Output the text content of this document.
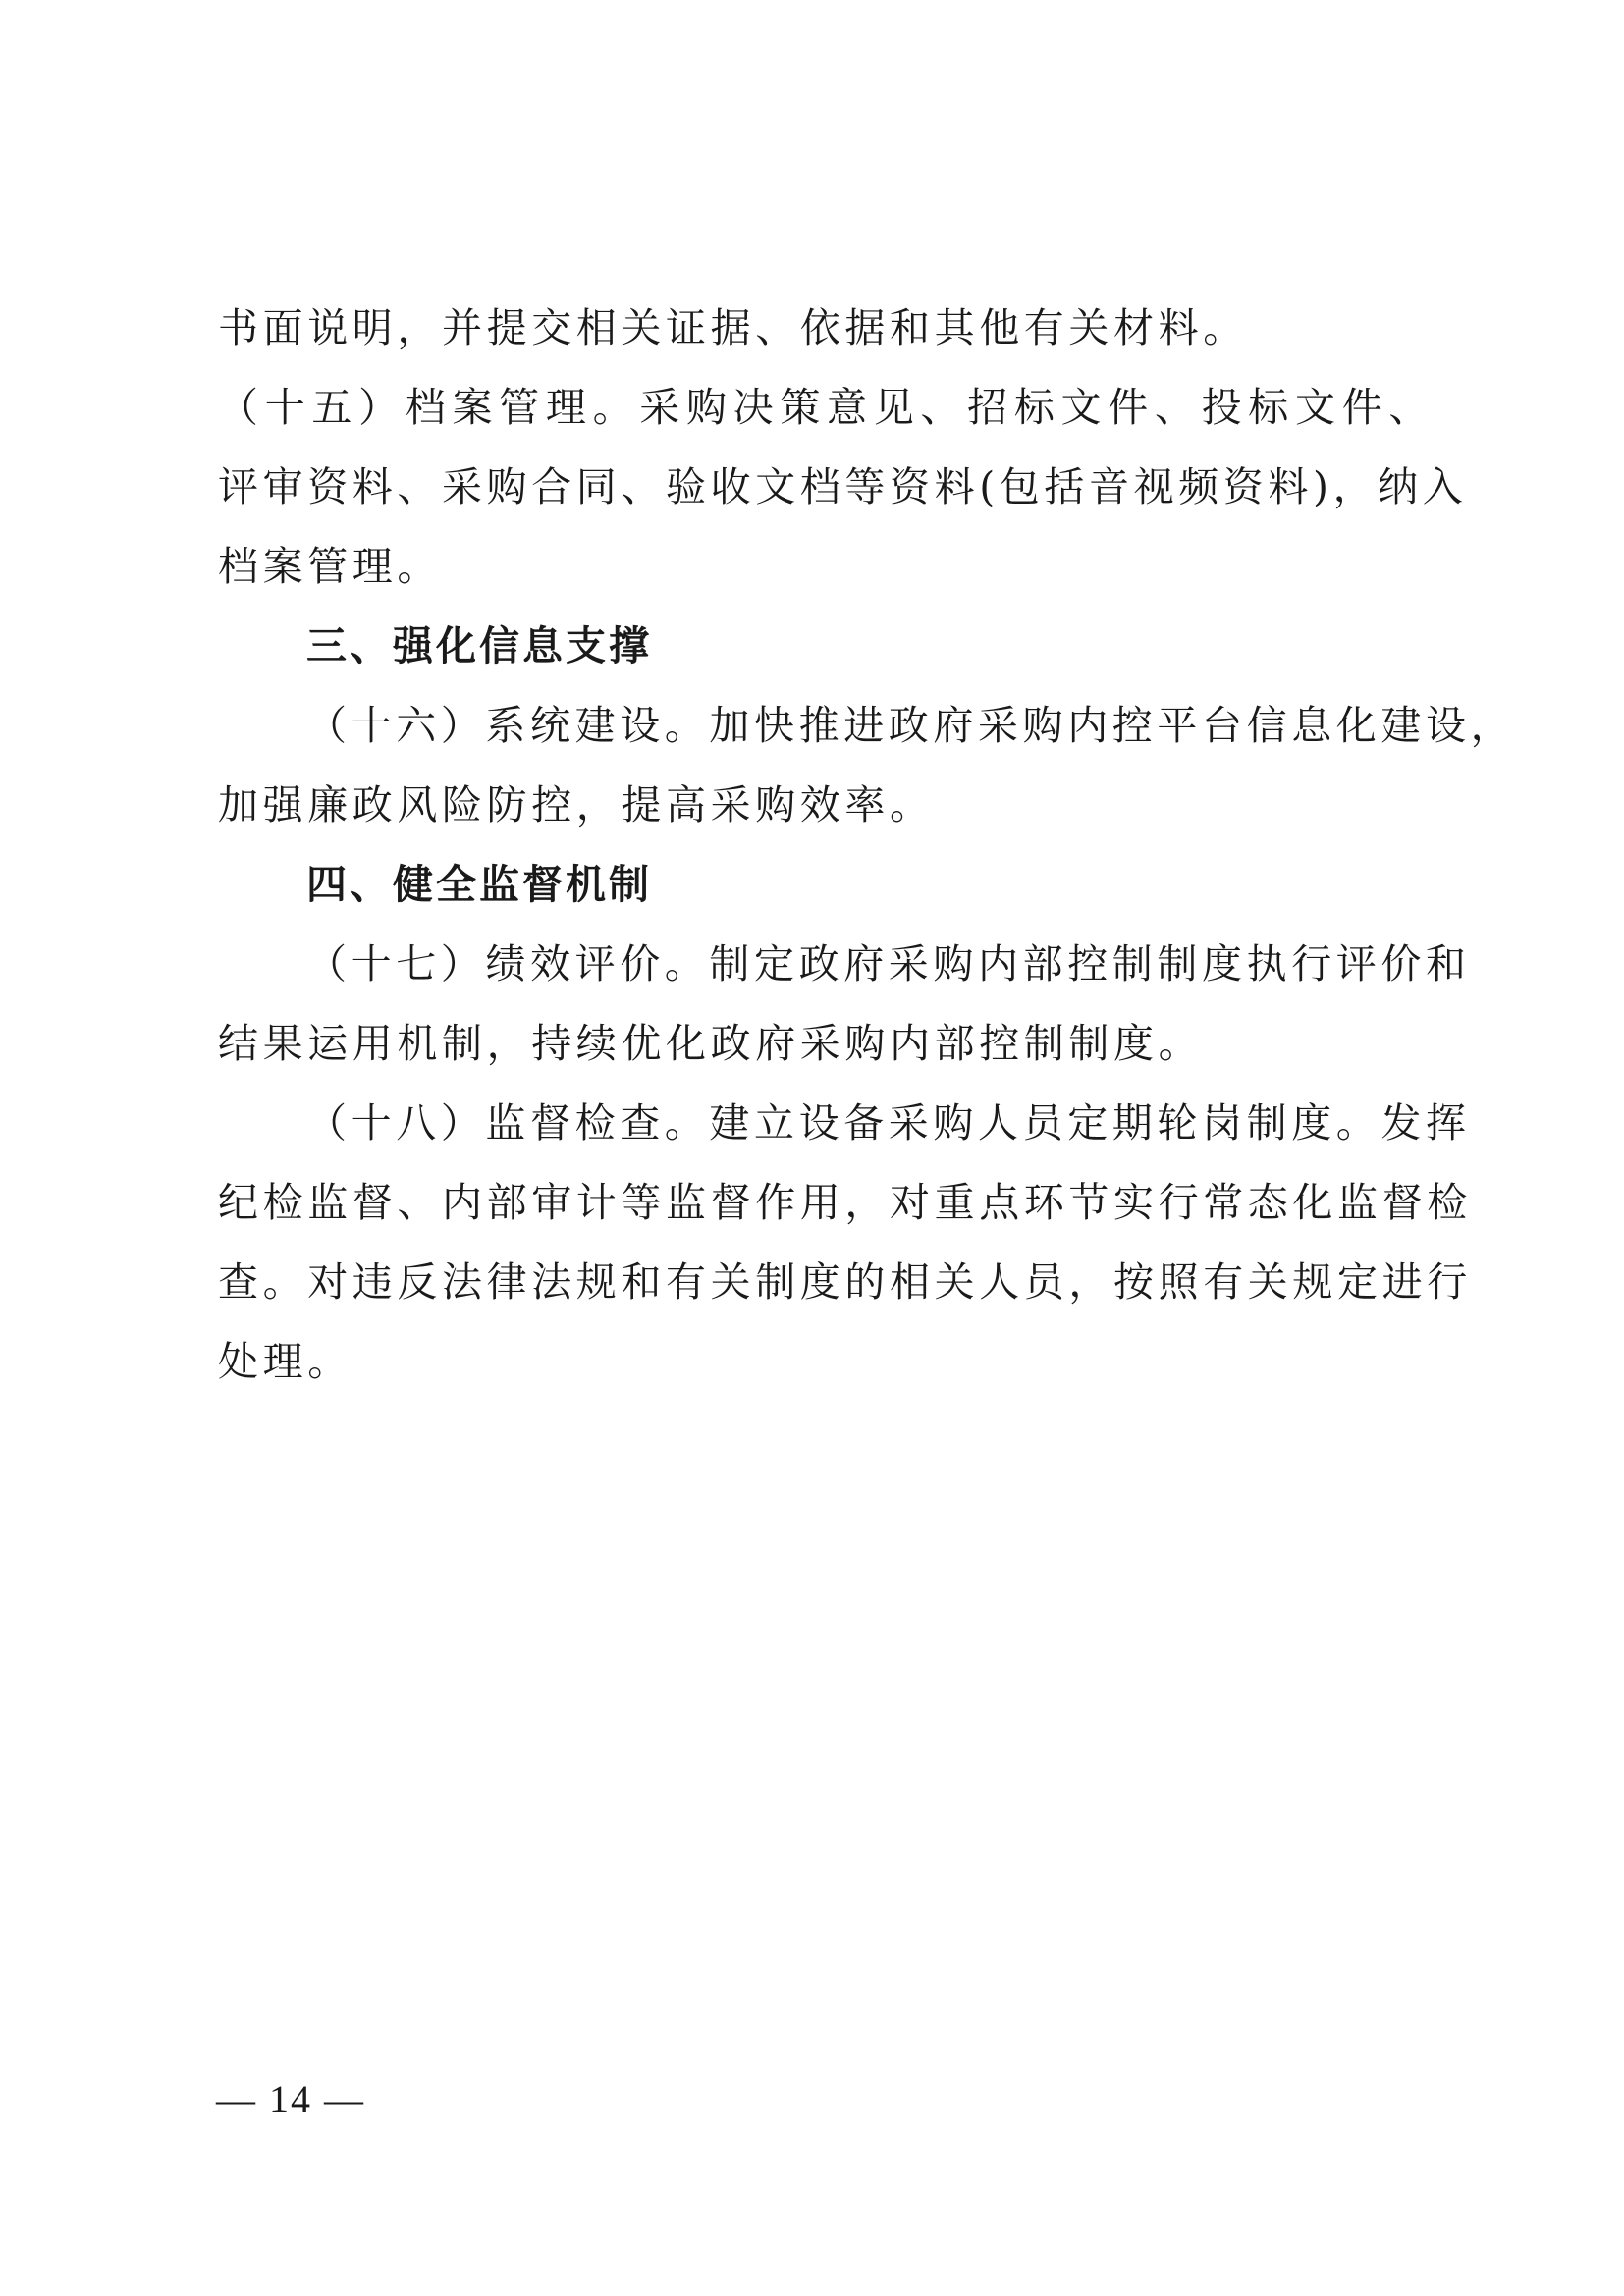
书面说明，并提交相关证据、依据和其他有关材料。
（十五）档案管理。采购决策意见、招标文件、投标文件、
评审资料、采购合同、验收文档等资料(包括音视频资料)，纳入
档案管理。
三、强化信息支撑
（十六）系统建设。加快推进政府采购内控平台信息化建设，
加强廉政风险防控，提高采购效率。
四、健全监督机制
（十七）绩效评价。制定政府采购内部控制制度执行评价和
结果运用机制，持续优化政府采购内部控制制度。
（十八）监督检查。建立设备采购人员定期轮岗制度。发挥
纪检监督、内部审计等监督作用，对重点环节实行常态化监督检
查。对违反法律法规和有关制度的相关人员，按照有关规定进行
处理。
— 14 —
